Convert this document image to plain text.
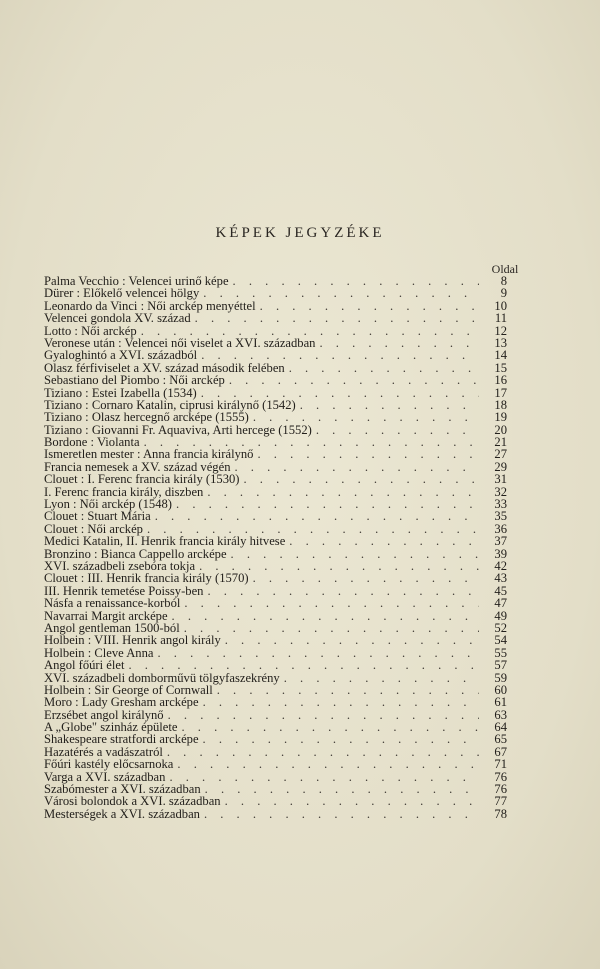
KÉPEK JEGYZÉKE
Oldal
Palma Vecchio : Velencei urinő képe . . .	8
Dürer : Előkelő velencei hölgy . . .	9
Leonardo da Vinci : Női arckép menyéttel . . .	10
Velencei gondola XV. század . . .	11
Lotto : Női arckép . . .	12
Veronese után : Velencei női viselet a XVI. században . . .	13
Gyaloghintó a XVI. századból . . .	14
Olasz férfiviselet a XV. század második felében . . .	15
Sebastiano del Piombo : Női arckép . . .	16
Tiziano : Estei Izabella (1534) . . .	17
Tiziano : Cornaro Katalin, ciprusi királynő (1542) . . .	18
Tiziano : Olasz hercegnő arcképe (1555) . . .	19
Tiziano : Giovanni Fr. Aquaviva, Arti hercege (1552) . . .	20
Bordone : Violanta . . .	21
Ismeretlen mester : Anna francia királynő . . .	27
Francia nemesek a XV. század végén . . .	29
Clouet : I. Ferenc francia király (1530) . . .	31
I. Ferenc francia király, diszben . . .	32
Lyon : Női arckép (1548) . . .	33
Clouet : Stuart Mária . . .	35
Clouet : Női arckép . . .	36
Medici Katalin, II. Henrik francia király hitvese . . .	37
Bronzino : Bianca Cappello arcképe . . .	39
XVI. századbeli zsebóra tokja . . .	42
Clouet : III. Henrik francia király (1570) . . .	43
III. Henrik temetése Poissy-ben . . .	45
Násfa a renaissance-korból . . .	47
Navarrai Margit arcképe . . .	49
Angol gentleman 1500-ból . . .	52
Holbein : VIII. Henrik angol király . . .	54
Holbein : Cleve Anna . . .	55
Angol főúri élet . . .	57
XVI. századbeli domborművü tölgyfaszekrény . . .	59
Holbein : Sir George of Cornwall . . .	60
Moro : Lady Gresham arcképe . . .	61
Erzsébet angol királynő . . .	63
A „Globe" szinház épülete . . .	64
Shakespeare stratfordi arcképe . . .	65
Hazatérés a vadászatról . . .	67
Főúri kastély előcsarnoka . . .	71
Varga a XVI. században . . .	76
Szabómester a XVI. században . . .	76
Városi bolondok a XVI. században . . .	77
Mesterségek a XVI. században . . .	78
